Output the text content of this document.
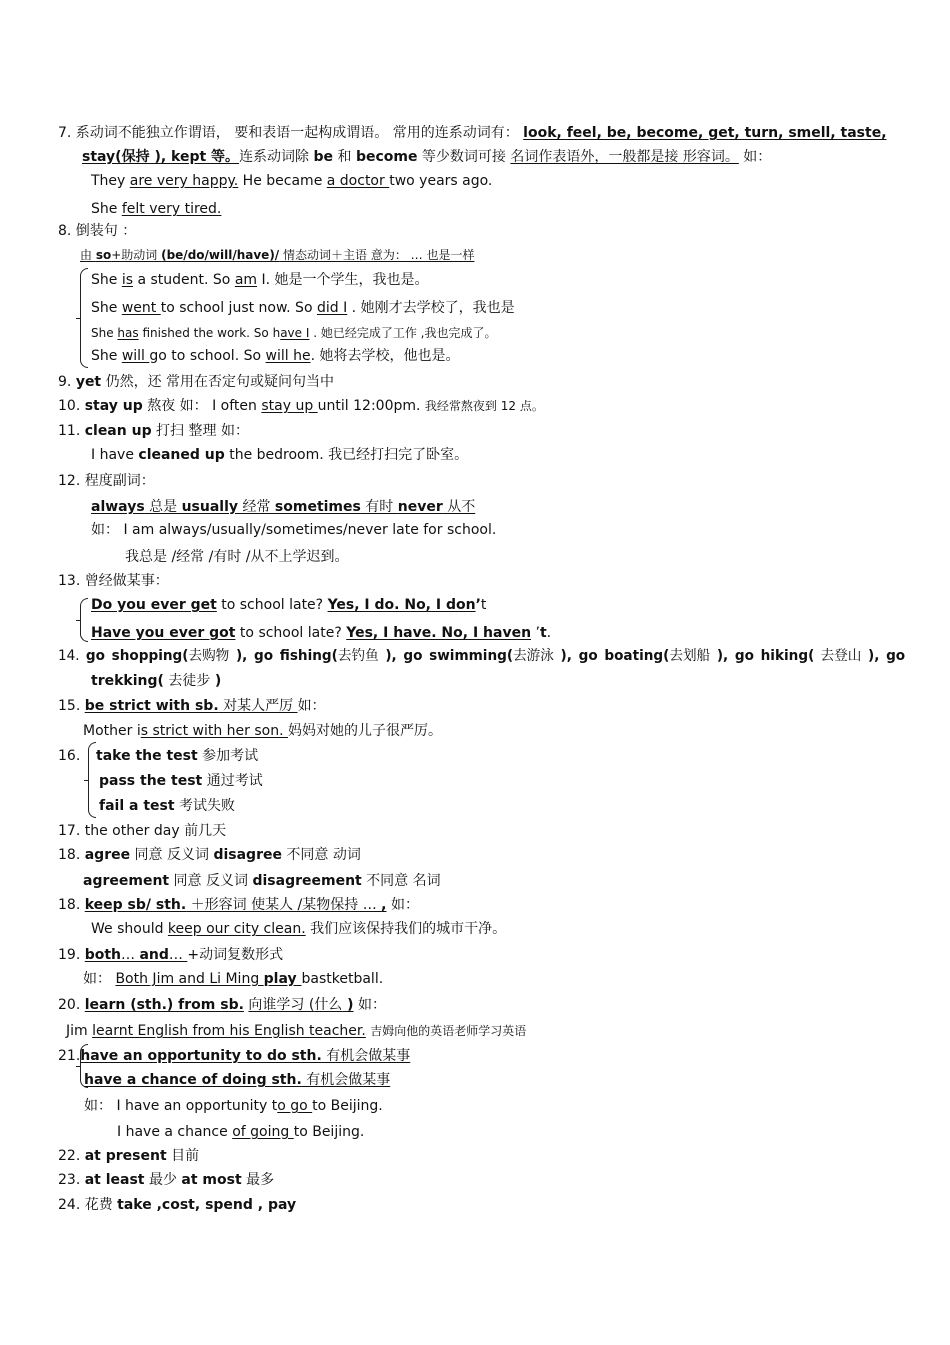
7. 系动词不能独立作谓语， 要和表语一起构成谓语。 常用的连系动词有： look, feel, be, become, get, turn, smell, taste,
stay(保持 ), kept 等。连系动词除 be 和 become 等少数词可接 名词作表语外，一般都是接 形容词。 如：
They are very happy. He became a doctor two years ago.
She felt very tired.
8. 倒装句 ：
由 so+助动词 (be/do/will/have)/ 情态动词＋主语 意为： … 也是一样
She is a student. So am I. 她是一个学生，我也是。
She went to school just now. So did I . 她刚才去学校了，我也是
She has finished the work. So have I . 她已经完成了工作 ,我也完成了。
She will go to school. So will he. 她将去学校，他也是。
9. yet 仍然，还 常用在否定句或疑问句当中
10. stay up 熬夜 如： I often stay up until 12:00pm. 我经常熬夜到 12 点。
11. clean up 打扫 整理 如：
I have cleaned up the bedroom. 我已经打扫完了卧室。
12. 程度副词：
always 总是 usually 经常 sometimes 有时 never 从不
如： I am always/usually/sometimes/never late for school.
我总是 /经常 /有时 /从不上学迟到。
13. 曾经做某事：
Do you ever get to school late? Yes, I do. No, I don’t
Have you ever got to school late? Yes, I have. No, I haven ’t.
14. go shopping(去购物 ), go fishing(去钓鱼 ), go swimming(去游泳 ), go boating(去划船 ), go hiking( 去登山 ), go
trekking( 去徒步 )
15. be strict with sb. 对某人严厉 如：
Mother is strict with her son. 妈妈对她的儿子很严厉。
16. take the test 参加考试
pass the test 通过考试
fail a test 考试失败
17. the other day 前几天
18. agree 同意 反义词 disagree 不同意 动词
agreement 同意 反义词 disagreement 不同意 名词
18. keep sb/ sth. ＋形容词 使某人 /某物保持 … , 如：
We should keep our city clean. 我们应该保持我们的城市干净。
19. both… and… +动词复数形式
如： Both Jim and Li Ming play bastketball.
20. learn (sth.) from sb. 向谁学习 (什么 ) 如：
Jim learnt English from his English teacher. 吉姆向他的英语老师学习英语
21.have an opportunity to do sth. 有机会做某事
have a chance of doing sth. 有机会做某事
如： I have an opportunity to go to Beijing.
I have a chance of going to Beijing.
22. at present 目前
23. at least 最少 at most 最多
24. 花费 take ,cost, spend , pay
